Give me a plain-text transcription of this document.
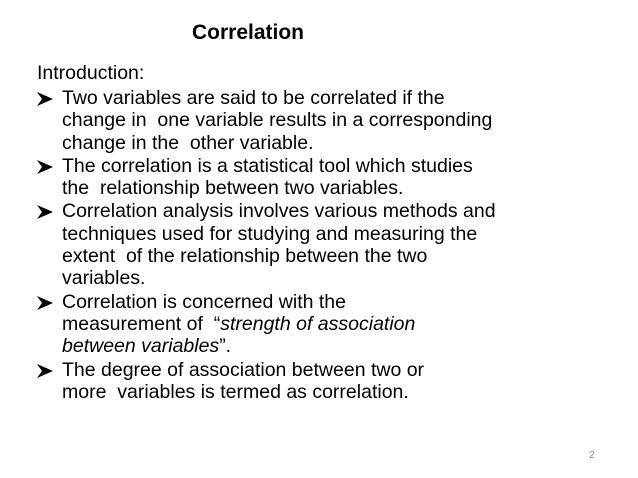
Correlation
Introduction:
Two variables are said to be correlated if the
change in  one variable results in a corresponding
change in the  other variable.
The correlation is a statistical tool which studies
the  relationship between two variables.
Correlation analysis involves various methods and
techniques used for studying and measuring the
extent  of the relationship between the two
variables.
Correlation is concerned with the
measurement of  “strength of association
between variables”.
The degree of association between two or
more  variables is termed as correlation.
2
